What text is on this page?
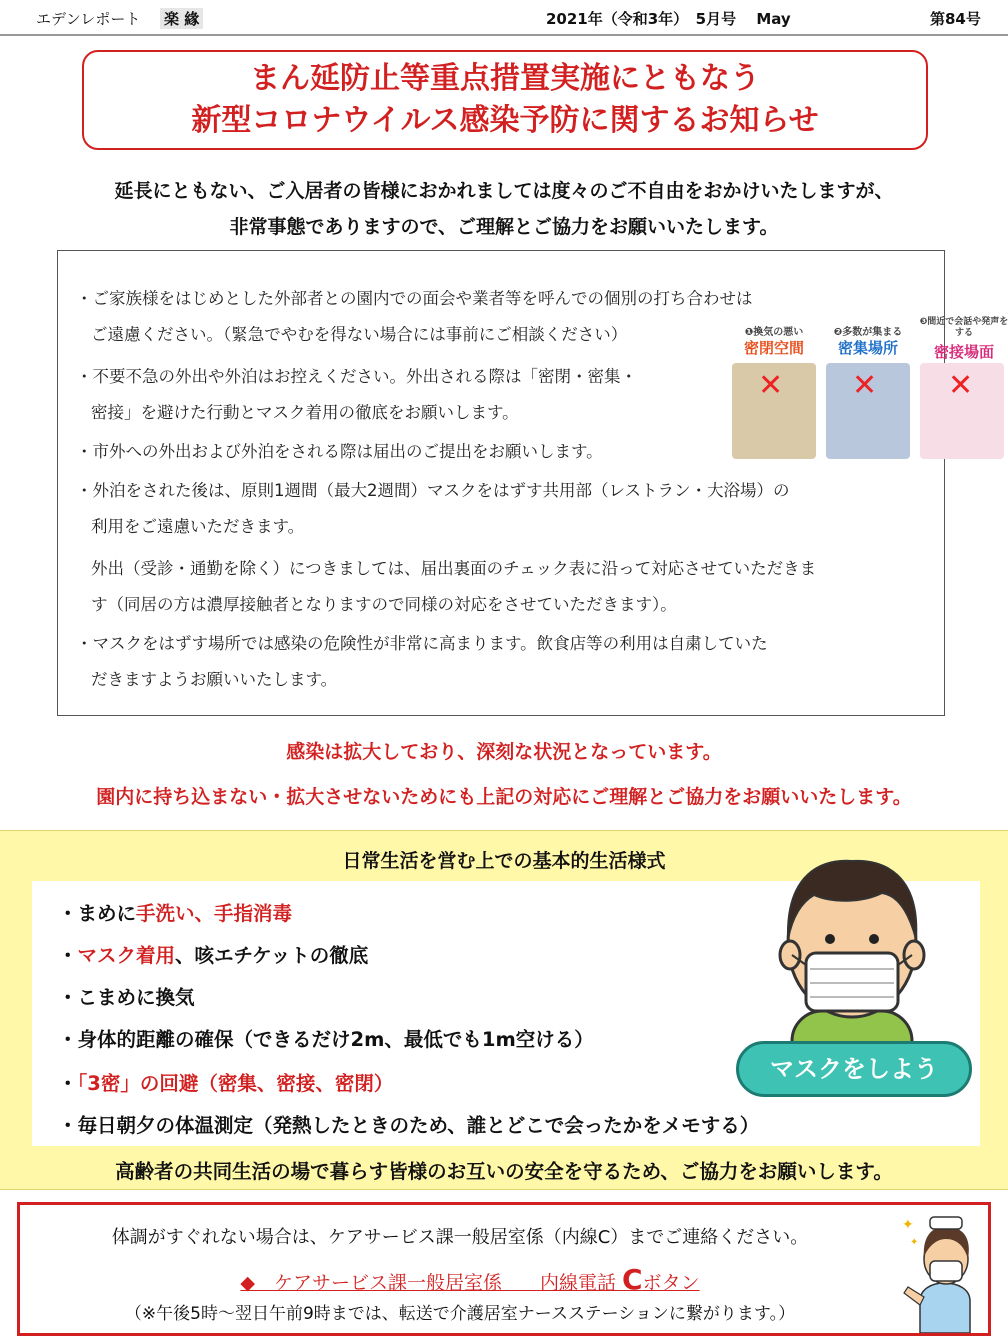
エデンレポート 楽 緣	2021年（令和3年）　5月号　 May	第84号
まん延防止等重点措置実施にともなう
新型コロナウイルス感染予防に関するお知らせ
延長にともない、ご入居者の皆様におかれましては度々のご不自由をおかけいたしますが、
非常事態でありますので、ご理解とご協力をお願いいたします。
・ご家族様をはじめとした外部者との園内での面会や業者等を呼んでの個別の打ち合わせは
ご遠慮ください。（緊急でやむを得ない場合には事前にご相談ください）
・不要不急の外出や外泊はお控えください。外出される際は「密閉・密集・
密接」を避けた行動とマスク着用の徹底をお願いします。
・市外への外出および外泊をされる際は届出のご提出をお願いします。
・外泊をされた後は、原則1週間（最大2週間）マスクをはずす共用部（レストラン・大浴場）の
利用をご遠慮いただきます。
外出（受診・通勤を除く）につきましては、届出裏面のチェック表に沿って対応させていただきま
す（同居の方は濃厚接触者となりますので同様の対応をさせていただきます）。
・マスクをはずす場所では感染の危険性が非常に高まります。飲食店等の利用は自粛していた
だきますようお願いいたします。
❶換気の悪い
密閉空間
✕
❷多数が集まる
密集場所
✕
❸間近で会話や発声をする
密接場面
✕
感染は拡大しており、深刻な状況となっています。
園内に持ち込まない・拡大させないためにも上記の対応にご理解とご協力をお願いいたします。
日常生活を営む上での基本的生活様式
・まめに手洗い、手指消毒
・マスク着用、咳エチケットの徹底
・こまめに換気
・身体的距離の確保（できるだけ2m、最低でも1m空ける）
・「3密」の回避（密集、密接、密閉）
・毎日朝夕の体温測定（発熱したときのため、誰とどこで会ったかをメモする）
マスクをしよう
高齢者の共同生活の場で暮らす皆様のお互いの安全を守るため、ご協力をお願いします。
体調がすぐれない場合は、ケアサービス課一般居室係（内線C）までご連絡ください。
◆　ケアサービス課一般居室係　　内線電話 Cボタン
（※午後5時～翌日午前9時までは、転送で介護居室ナースステーションに繋がります。）
✦
✦
